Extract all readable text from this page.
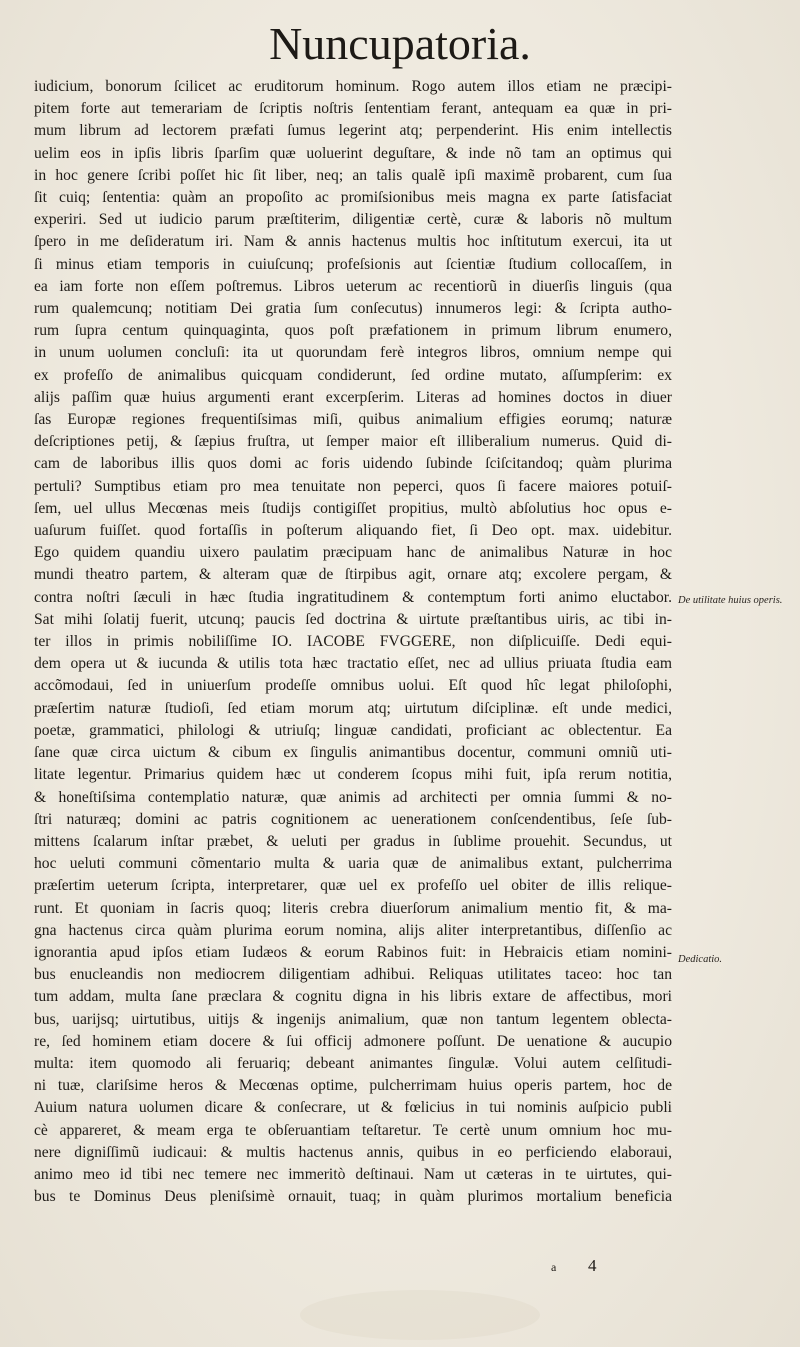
Nuncupatoria.
iudicium, bonorum ſcilicet ac eruditorum hominum. Rogo autem illos etiam ne præcipi-
pitem forte aut temerariam de ſcriptis noſtris ſententiam ferant, antequam ea quæ in pri-
mum librum ad lectorem præfati ſumus legerint atq; perpenderint. His enim intellectis
uelim eos in ipſis libris ſparſim quæ uoluerint deguſtare, & inde nõ tam an optimus qui
in hoc genere ſcribi poſſet hic ſit liber, neq; an talis qualẽ ipſi maximẽ probarent, cum ſua
ſit cuiq; ſententia: quàm an propoſito ac promiſsionibus meis magna ex parte ſatisfaciat
experiri. Sed ut iudicio parum præſtiterim, diligentiæ certè, curæ & laboris nõ multum
ſpero in me deſideratum iri. Nam & annis hactenus multis hoc inſtitutum exercui, ita ut
ſi minus etiam temporis in cuiuſcunq; profeſsionis aut ſcientiæ ſtudium collocaſſem, in
ea iam forte non eſſem poſtremus. Libros ueterum ac recentiorũ in diuerſis linguis (qua
rum qualemcunq; notitiam Dei gratia ſum conſecutus) innumeros legi: & ſcripta autho-
rum ſupra centum quinquaginta, quos poſt præfationem in primum librum enumero,
in unum uolumen concluſi: ita ut quorundam ferè integros libros, omnium nempe qui
ex profeſſo de animalibus quicquam condiderunt, ſed ordine mutato, aſſumpſerim: ex
alijs paſſim quæ huius argumenti erant excerpſerim. Literas ad homines doctos in diuer
ſas Europæ regiones frequentiſsimas miſi, quibus animalium effigies eorumq; naturæ
deſcriptiones petij, & ſæpius fruſtra, ut ſemper maior eſt illiberalium numerus. Quid di-
cam de laboribus illis quos domi ac foris uidendo ſubinde ſciſcitandoq; quàm plurima
pertuli? Sumptibus etiam pro mea tenuitate non peperci, quos ſi facere maiores potuiſ-
ſem, uel ullus Mecœnas meis ſtudijs contigiſſet propitius, multò abſolutius hoc opus e-
uaſurum fuiſſet. quod fortaſſis in poſterum aliquando fiet, ſi Deo opt. max. uidebitur.
Ego quidem quandiu uixero paulatim præcipuam hanc de animalibus Naturæ in hoc
mundi theatro partem, & alteram quæ de ſtirpibus agit, ornare atq; excolere pergam, &
contra noſtri ſæculi in hæc ſtudia ingratitudinem & contemptum forti animo eluctabor.
Sat mihi ſolatij fuerit, utcunq; paucis ſed doctrina & uirtute præſtantibus uiris, ac tibi in-
ter illos in primis nobiliſſime IO. IACOBE FVGGERE, non diſplicuiſſe. Dedi equi-
dem opera ut & iucunda & utilis tota hæc tractatio eſſet, nec ad ullius priuata ſtudia eam
accõmodaui, ſed in uniuerſum prodeſſe omnibus uolui. Eſt quod hîc legat philoſophi,
præſertim naturæ ſtudioſi, ſed etiam morum atq; uirtutum diſciplinæ. eſt unde medici,
poetæ, grammatici, philologi & utriuſq; linguæ candidati, proficiant ac oblectentur. Ea
ſane quæ circa uictum & cibum ex ſingulis animantibus docentur, communi omniũ uti-
litate legentur. Primarius quidem hæc ut conderem ſcopus mihi fuit, ipſa rerum notitia,
& honeſtiſsima contemplatio naturæ, quæ animis ad architecti per omnia ſummi & no-
ſtri naturæq; domini ac patris cognitionem ac uenerationem conſcendentibus, ſeſe ſub-
mittens ſcalarum inſtar præbet, & ueluti per gradus in ſublime prouehit. Secundus, ut
hoc ueluti communi cõmentario multa & uaria quæ de animalibus extant, pulcherrima
præſertim ueterum ſcripta, interpretarer, quæ uel ex profeſſo uel obiter de illis relique-
runt. Et quoniam in ſacris quoq; literis crebra diuerſorum animalium mentio fit, & ma-
gna hactenus circa quàm plurima eorum nomina, alijs aliter interpretantibus, diſſenſio ac
ignorantia apud ipſos etiam Iudæos & eorum Rabinos fuit: in Hebraicis etiam nomini-
bus enucleandis non mediocrem diligentiam adhibui. Reliquas utilitates taceo: hoc tan
tum addam, multa ſane præclara & cognitu digna in his libris extare de affectibus, mori
bus, uarijsq; uirtutibus, uitijs & ingenijs animalium, quæ non tantum legentem oblecta-
re, ſed hominem etiam docere & ſui officij admonere poſſunt. De uenatione & aucupio
multa: item quomodo ali feruariq; debeant animantes ſingulæ. Volui autem celſitudi-
ni tuæ, clariſsime heros & Mecœnas optime, pulcherrimam huius operis partem, hoc de
Auium natura uolumen dicare & conſecrare, ut & fœlicius in tui nominis auſpicio publi
cè appareret, & meam erga te obſeruantiam teſtaretur. Te certè unum omnium hoc mu-
nere digniſſimũ iudicaui: & multis hactenus annis, quibus in eo perficiendo elaboraui,
animo meo id tibi nec temere nec immeritò deſtinaui. Nam ut cæteras in te uirtutes, qui-
bus te Dominus Deus pleniſsimè ornauit, tuaq; in quàm plurimos mortalium beneficia
De utilitate huius operis.
Dedicatio.
a 4
